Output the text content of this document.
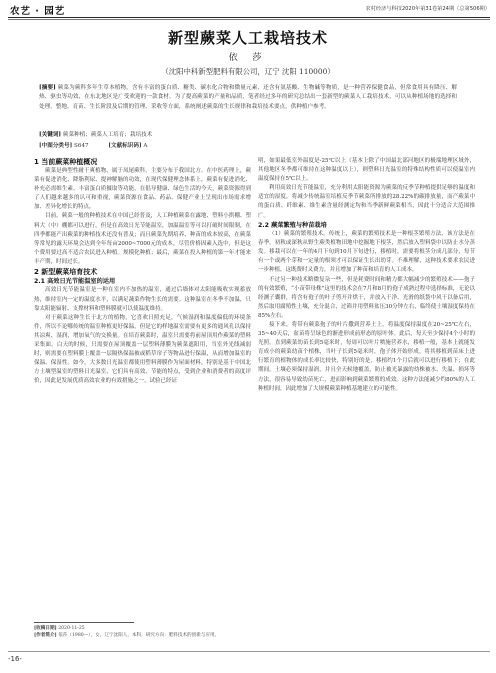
农艺 · 园艺	农村经济与科技2020年第31卷第24期（总第506期）
新型蕨菜人工栽培技术
依 莎
（沈阳中科新型肥料有限公司，辽宁 沈阳 110000）
[摘要] 蕨菜为蕨科多年生草本植物，含有丰富的蛋白质、糖类、碳水化合物和微量元素，还含有氨基酸、生物碱等物质，是一种营养保健食品，但常食用具有降压、解热、驱虫等功效，在东北地区是广受欢迎的一款食材。为了提高蕨菜的产量和品质，笔者经过多年的研究总结出一套新型的蕨菜人工栽培技术，可以从种植场地的选择和处理、整地、育苗、生长阶段及后期的管理、采收等方面，系统阐述蕨菜的生长规律和栽培技术要点，供种植户参考。
[关键词] 蕨菜种植；蕨菜人工培育；栽培技术
[中图分类号] S647	[文献标识码] A
1 当前蕨菜种植概况

蕨菜是典型性耐干爽植物，属于凤尾蕨科，主要分布于我国北方。在中医药理上，蕨菜有促进消化、降脂利尿、提神解脑的功效，在现代保健理念体系上，蕨菜有促进消化、补充必需维生素、丰富蛋白质摄取等功能，在倡导健康、绿色生活的今天，蕨菜资源得到了人们越来越多的认可和重视，蕨菜资源在食品、药品、保健产业上呈现出市场需求增加、差异化增长的特点。

目前，蕨菜一般的种植技术在中国已经普及，人工种植蕨菜在露地、塑料小拱棚、塑料大（中）棚都可以进行。但是在高效日光节能温室，加温温室等可以打破时间限制，在四季都能产出蕨菜的种植技术还没有普及；而且蕨菜先期培养、种苗的成本较高，在蕨菜等常见的露天环境会达到全年每亩2000~7000元的成本。尽管价格因素入选中，但是这个费用要过高不适合农民进入种植。规模化种植；最后，蕨菜在投入种植的第一年才能来丰产期，时间过长。

2 新型蕨菜培育技术
2.1 高效日光节能温室的运用

高效日光节能温室是一种在室内不加热的温室，通过后墙体对太阳能吸收实现蓄放热，维持室内一定的温度水平，以满足蔬菜作物生长的需要。这种温室在冬季不加温，只靠太阳能辐射、支撑材料和塑料膜就可以使温度维持。

对于蕨菜这种生长于北方的植物，它喜欢日照充足，气候湿润和温度偏低的环境条件，所以不论哪传统的温室种植更好保温，但是它的样地温室需要有更多的通风孔以保持其凉爽、湿润，增加氧气的交换量。在培育蕨菜时，温室只需要将前屋顶用作蕨菜的塑料采集面，白天的时候，只需要在屋顶覆盖一层塑料薄膜为蕨菜遮阳用，当室外光线减弱时，则需要在塑料膜上覆盖一层隔热保温被或稻草帘子等物品进行保温，从而增加温室的保温、保湿性。如今，大多数日光温室都使用塑料薄膜作为屋面材料，特别是基于中国北方土壤型温室的塑料日光温室，它们具有高效、节能的特点，受到企业和消费者的高度评价，因此是发展优质高效农业的有效措施之一。试验已经证

明，如果最低室外温度是-25℃以上（基本上除了中国最北部河地区的极端地理区域外，其他地区冬季都可维持在这种温度以上），则塑料日光温室的特殊结构性质可以使温室内温度保持在5℃以上。

利用高效日光节能温室，充分利用太阳能资源为蕨菜的反季节种植提供足够的温度和适宜的湿度，将减少传统温室培植反季节蕨菜所排放的28.22%的碳排放量，而产蕨菜中的蛋白质、纤维素、维生素含量经测定均和当季新鲜蕨菜相当，因此十分适合大范围推广。

2.2 蕨菜繁殖与种苗栽培

（1）蕨菜的繁殖技术。传统上，蕨菜的繁殖技术是一种根茎繁殖方法，该方法是在春季，初秋或深秋从野生蕨类植物田地中挖掘地下根茎，然后放入塑料袋中以防止水分蒸发。移栽可以在一年的4月下旬到10月下旬进行，移植时，需要将根茎分成几部分，每节有一个或两个芽和一定量的根须才可以保证生长出幼芽。不难理解，这种技术要求农民进一步种植，这既费时又费力，并且增加了种苗和培育的人工成本。

不过另一种技术略微复杂一些，但是耗费时间和精力都大幅减少的繁殖技术——孢子的有效繁殖，“小苗带母株”这里的技术会在7月和8月的孢子成熟过程中选择标准，无论以经测子囊群，将含有孢子的叶子剪开并烘干，并放入干净、光滑的纸袋中风干以备后用，然后取用腐殖性土壤，充分混合，过筛并用塑料盆压30分钟左右，临终使土壤湿度保持在85%左右。

接下来，将带有蕨菜孢子的叶片撒到营养土上，将温度保持温度在20~25℃左右，35~40天后，盆苗将呈绿色的渐进形成前形态的原叶体。此后，每天至少保持4个小时的光照。直到蕨菜幼苗长到5毫米时，每周可以叶片喷施营养水，移植一般，基本上就能发育成小的蕨菜幼苗个植株，当叶子长到5毫米时，孢子体开始形成。将其移植到苗床上进行繁育的植物体的成长率比较快，特别好的是，移植约1个月后就可以进行移植下；在此期间，土壤必须保持湿润，并且全天候地覆盖，防止被光暴露的幼株被水、失温、损坏等方法，很容易导致幼苗死亡，进而影响到蕨菜繁殖的成效。这种方法能减少约80%的人工种植时间，因此增加了大规模蕨菜种植基地建立的可能性。

[收稿日期] 2020-11-25
[作者简介] 依莎（1980—），女，辽宁沈阳人，本科，研究方向：肥料技术的创新与应用。
-16-
